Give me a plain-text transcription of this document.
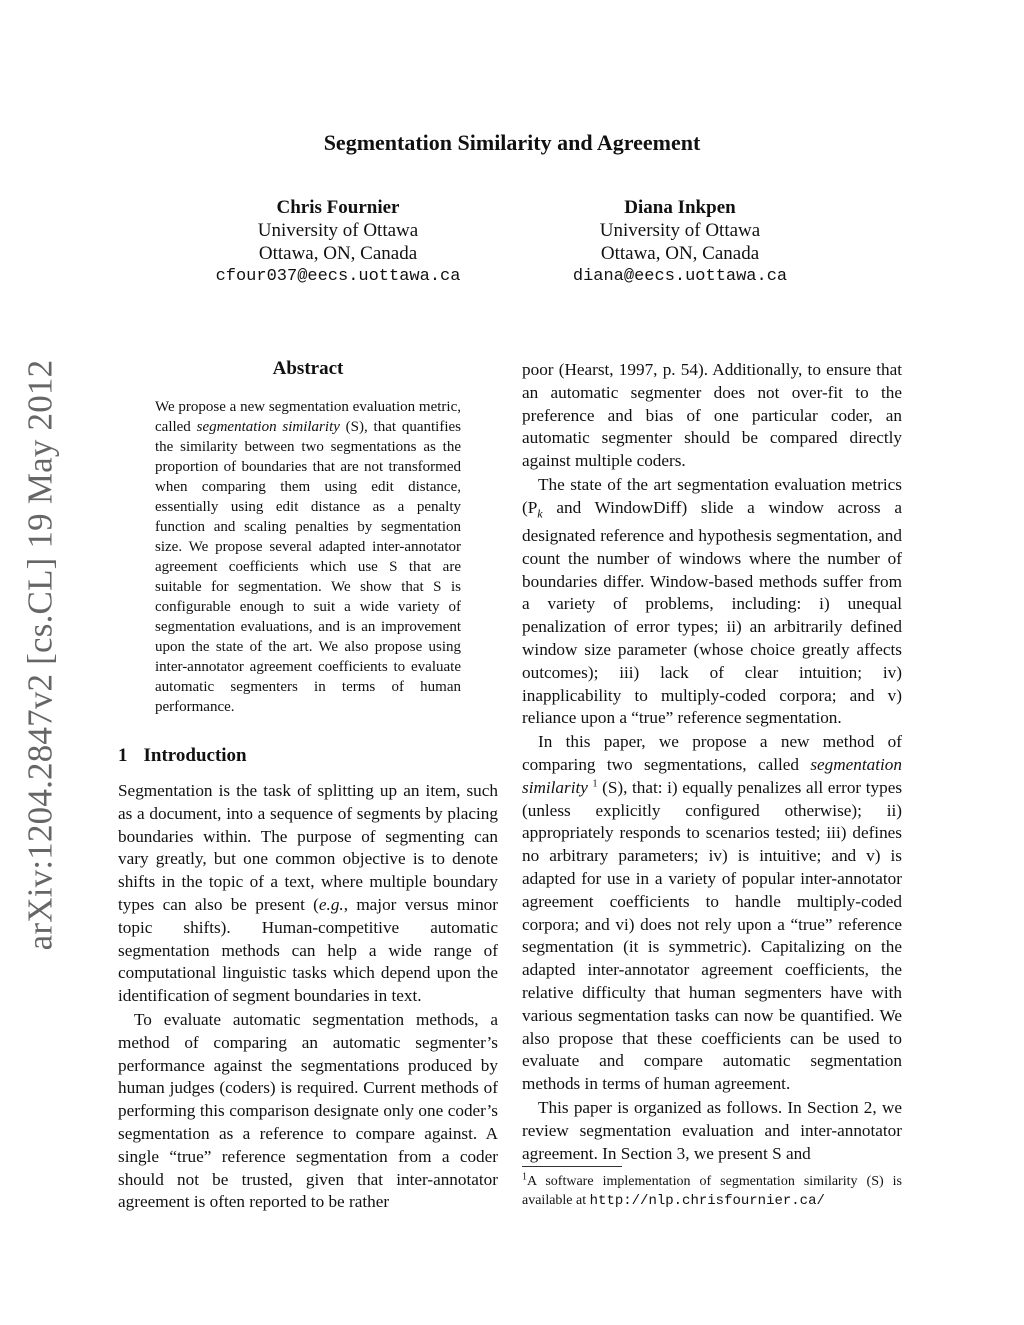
arXiv:1204.2847v2 [cs.CL] 19 May 2012
Segmentation Similarity and Agreement
Chris Fournier
University of Ottawa
Ottawa, ON, Canada
cfour037@eecs.uottawa.ca
Diana Inkpen
University of Ottawa
Ottawa, ON, Canada
diana@eecs.uottawa.ca
Abstract

We propose a new segmentation evaluation metric, called segmentation similarity (S), that quantifies the similarity between two segmentations as the proportion of boundaries that are not transformed when comparing them using edit distance, essentially using edit distance as a penalty function and scaling penalties by segmentation size. We propose several adapted inter-annotator agreement coefficients which use S that are suitable for segmentation. We show that S is configurable enough to suit a wide variety of segmentation evaluations, and is an improvement upon the state of the art. We also propose using inter-annotator agreement coefficients to evaluate automatic segmenters in terms of human performance.

1 Introduction

Segmentation is the task of splitting up an item, such as a document, into a sequence of segments by placing boundaries within. The purpose of segmenting can vary greatly, but one common objective is to denote shifts in the topic of a text, where multiple boundary types can also be present (e.g., major versus minor topic shifts). Human-competitive automatic segmentation methods can help a wide range of computational linguistic tasks which depend upon the identification of segment boundaries in text.

To evaluate automatic segmentation methods, a method of comparing an automatic segmenter’s performance against the segmentations produced by human judges (coders) is required. Current methods of performing this comparison designate only one coder’s segmentation as a reference to compare against. A single “true” reference segmentation from a coder should not be trusted, given that inter-annotator agreement is often reported to be rather

poor (Hearst, 1997, p. 54). Additionally, to ensure that an automatic segmenter does not over-fit to the preference and bias of one particular coder, an automatic segmenter should be compared directly against multiple coders.

The state of the art segmentation evaluation metrics ($P_k$ and WindowDiff) slide a window across a designated reference and hypothesis segmentation, and count the number of windows where the number of boundaries differ. Window-based methods suffer from a variety of problems, including: i) unequal penalization of error types; ii) an arbitrarily defined window size parameter (whose choice greatly affects outcomes); iii) lack of clear intuition; iv) inapplicability to multiply-coded corpora; and v) reliance upon a “true” reference segmentation.

In this paper, we propose a new method of comparing two segmentations, called segmentation similarity $^1$ (S), that: i) equally penalizes all error types (unless explicitly configured otherwise); ii) appropriately responds to scenarios tested; iii) defines no arbitrary parameters; iv) is intuitive; and v) is adapted for use in a variety of popular inter-annotator agreement coefficients to handle multiply-coded corpora; and vi) does not rely upon a “true” reference segmentation (it is symmetric). Capitalizing on the adapted inter-annotator agreement coefficients, the relative difficulty that human segmenters have with various segmentation tasks can now be quantified. We also propose that these coefficients can be used to evaluate and compare automatic segmentation methods in terms of human agreement.

This paper is organized as follows. In Section 2, we review segmentation evaluation and inter-annotator agreement. In Section 3, we present S and

$^1$A software implementation of segmentation similarity (S) is available at http://nlp.chrisfournier.ca/
